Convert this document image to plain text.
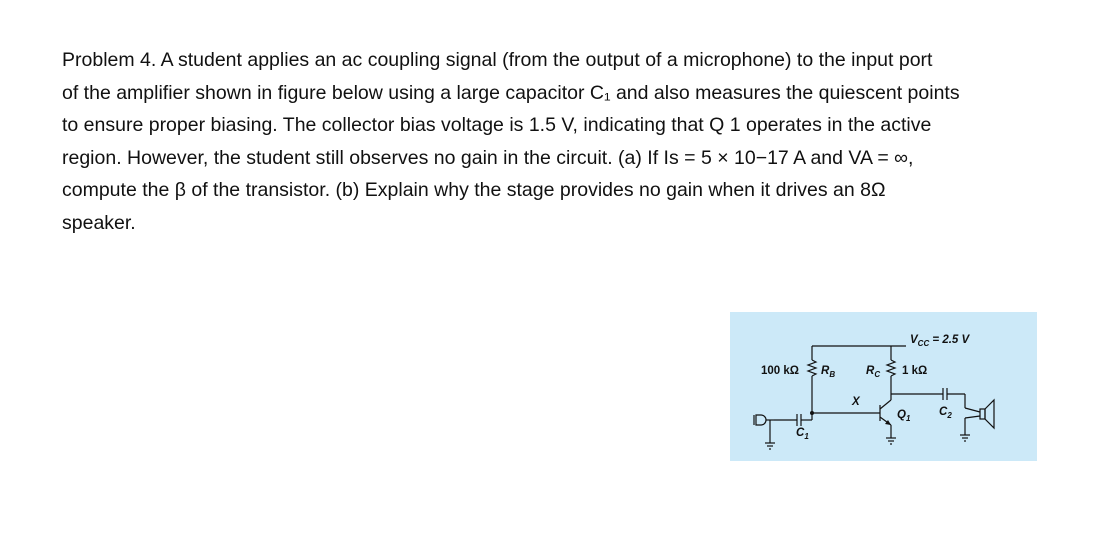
Problem 4. A student applies an ac coupling signal (from the output of a microphone) to the input port

of the amplifier shown in figure below using a large capacitor C₁ and also measures the quiescent points

to ensure proper biasing. The collector bias voltage is 1.5 V, indicating that Q 1 operates in the active

region. However, the student still observes no gain in the circuit. (a) If Is = 5 × 10−17 A and VA = ∞,

compute the β of the transistor. (b) Explain why the stage provides no gain when it drives an 8Ω

speaker.

$V_{CC} = 2.5$ V
100 kΩ $R_B$	$R_C$ 1 kΩ
$C_2$
X
$Q_1$
$C_1$
